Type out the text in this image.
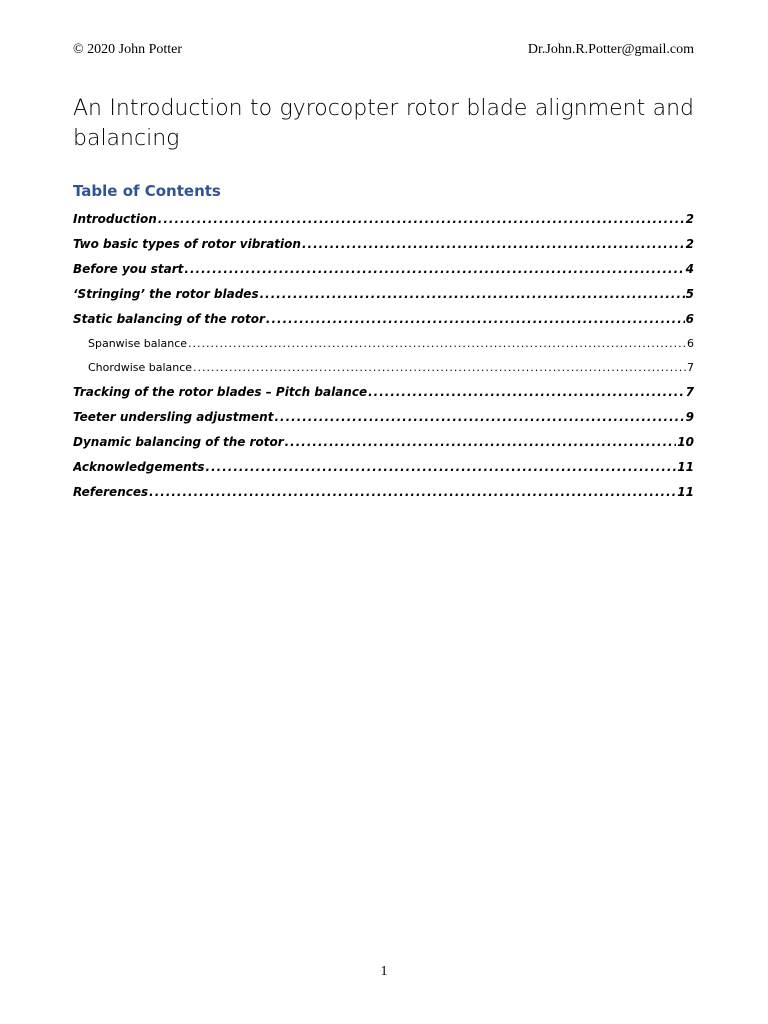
© 2020 John Potter	Dr.John.R.Potter@gmail.com
An Introduction to gyrocopter rotor blade alignment and balancing
Table of Contents
Introduction .....	2
Two basic types of rotor vibration .....	2
Before you start .....	4
‘Stringing’ the rotor blades .....	5
Static balancing of the rotor .....	6
Spanwise balance .....	6
Chordwise balance .....	7
Tracking of the rotor blades – Pitch balance .....	7
Teeter undersling adjustment .....	9
Dynamic balancing of the rotor .....	10
Acknowledgements .....	11
References .....	11
1
